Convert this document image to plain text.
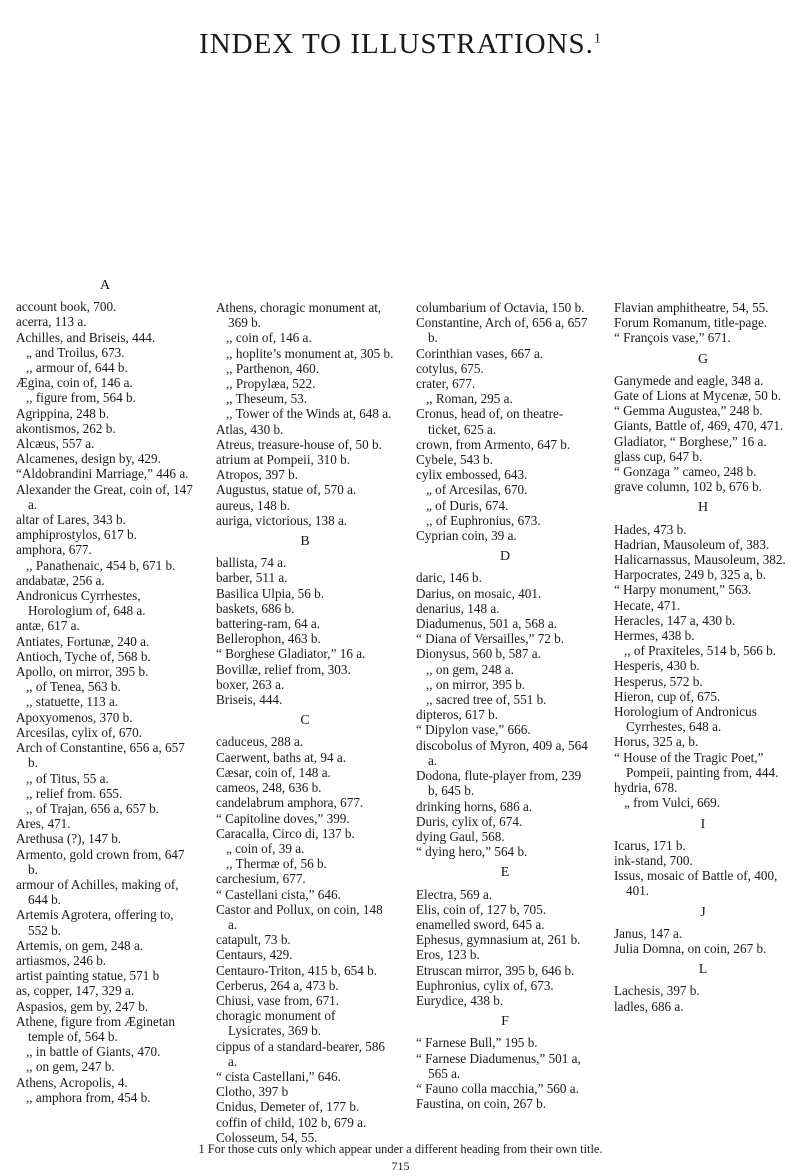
INDEX TO ILLUSTRATIONS.$^1$
A
account book, 700.
acerra, 113 a.
Achilles, and Briseis, 444.
„ and Troilus, 673.
,, armour of, 644 b.
Ægina, coin of, 146 a.
,, figure from, 564 b.
Agrippina, 248 b.
akontismos, 262 b.
Alcæus, 557 a.
Alcamenes, design by, 429.
“Aldobrandini Marriage,” 446 a.
Alexander the Great, coin of, 147 a.
altar of Lares, 343 b.
amphiprostylos, 617 b.
amphora, 677.
,, Panathenaic, 454 b, 671 b.
andabatæ, 256 a.
Andronicus Cyrrhestes, Horologium of, 648 a.
antæ, 617 a.
Antiates, Fortunæ, 240 a.
Antioch, Tyche of, 568 b.
Apollo, on mirror, 395 b.
,, of Tenea, 563 b.
,, statuette, 113 a.
Apoxyomenos, 370 b.
Arcesilas, cylix of, 670.
Arch of Constantine, 656 a, 657 b.
,, of Titus, 55 a.
,, relief from. 655.
,, of Trajan, 656 a, 657 b.
Ares, 471.
Arethusa (?), 147 b.
Armento, gold crown from, 647 b.
armour of Achilles, making of, 644 b.
Artemis Agrotera, offering to, 552 b.
Artemis, on gem, 248 a.
artiasmos, 246 b.
artist painting statue, 571 b
as, copper, 147, 329 a.
Aspasios, gem by, 247 b.
Athene, figure from Æginetan temple of, 564 b.
,, in battle of Giants, 470.
,, on gem, 247 b.
Athens, Acropolis, 4.
,, amphora from, 454 b.
Athens, choragic monument at, 369 b.
,, coin of, 146 a.
,, hoplite’s monument at, 305 b.
,, Parthenon, 460.
,, Propylæa, 522.
,, Theseum, 53.
,, Tower of the Winds at, 648 a.
Atlas, 430 b.
Atreus, treasure-house of, 50 b.
atrium at Pompeii, 310 b.
Atropos, 397 b.
Augustus, statue of, 570 a.
aureus, 148 b.
auriga, victorious, 138 a.
B
ballista, 74 a.
barber, 511 a.
Basilica Ulpia, 56 b.
baskets, 686 b.
battering-ram, 64 a.
Bellerophon, 463 b.
“ Borghese Gladiator,” 16 a.
Bovillæ, relief from, 303.
boxer, 263 a.
Briseis, 444.
C
caduceus, 288 a.
Caerwent, baths at, 94 a.
Cæsar, coin of, 148 a.
cameos, 248, 636 b.
candelabrum amphora, 677.
“ Capitoline doves,” 399.
Caracalla, Circo di, 137 b.
„ coin of, 39 a.
,, Thermæ of, 56 b.
carchesium, 677.
“ Castellani cista,” 646.
Castor and Pollux, on coin, 148 a.
catapult, 73 b.
Centaurs, 429.
Centauro-Triton, 415 b, 654 b.
Cerberus, 264 a, 473 b.
Chiusi, vase from, 671.
choragic monument of Lysicrates, 369 b.
cippus of a standard-bearer, 586 a.
“ cista Castellani,” 646.
Clotho, 397 b
Cnidus, Demeter of, 177 b.
coffin of child, 102 b, 679 a.
Colosseum, 54, 55.
columbarium of Octavia, 150 b.
Constantine, Arch of, 656 a, 657 b.
Corinthian vases, 667 a.
cotylus, 675.
crater, 677.
,, Roman, 295 a.
Cronus, head of, on theatre-ticket, 625 a.
crown, from Armento, 647 b.
Cybele, 543 b.
cylix embossed, 643.
„ of Arcesilas, 670.
„ of Duris, 674.
,, of Euphronius, 673.
Cyprian coin, 39 a.
D
daric, 146 b.
Darius, on mosaic, 401.
denarius, 148 a.
Diadumenus, 501 a, 568 a.
“ Diana of Versailles,” 72 b.
Dionysus, 560 b, 587 a.
,, on gem, 248 a.
,, on mirror, 395 b.
,, sacred tree of, 551 b.
dipteros, 617 b.
“ Dipylon vase,” 666.
discobolus of Myron, 409 a, 564 a.
Dodona, flute-player from, 239 b, 645 b.
drinking horns, 686 a.
Duris, cylix of, 674.
dying Gaul, 568.
“ dying hero,” 564 b.
E
Electra, 569 a.
Elis, coin of, 127 b, 705.
enamelled sword, 645 a.
Ephesus, gymnasium at, 261 b.
Eros, 123 b.
Etruscan mirror, 395 b, 646 b.
Euphronius, cylix of, 673.
Eurydice, 438 b.
F
“ Farnese Bull,” 195 b.
“ Farnese Diadumenus,” 501 a, 565 a.
“ Fauno colla macchia,” 560 a.
Faustina, on coin, 267 b.
Flavian amphitheatre, 54, 55.
Forum Romanum, title-page.
“ François vase,” 671.
G
Ganymede and eagle, 348 a.
Gate of Lions at Mycenæ, 50 b.
“ Gemma Augustea,” 248 b.
Giants, Battle of, 469, 470, 471.
Gladiator, “ Borghese,” 16 a.
glass cup, 647 b.
“ Gonzaga ” cameo, 248 b.
grave column, 102 b, 676 b.
H
Hades, 473 b.
Hadrian, Mausoleum of, 383.
Halicarnassus, Mausoleum, 382.
Harpocrates, 249 b, 325 a, b.
“ Harpy monument,” 563.
Hecate, 471.
Heracles, 147 a, 430 b.
Hermes, 438 b.
,, of Praxiteles, 514 b, 566 b.
Hesperis, 430 b.
Hesperus, 572 b.
Hieron, cup of, 675.
Horologium of Andronicus Cyrrhestes, 648 a.
Horus, 325 a, b.
“ House of the Tragic Poet,” Pompeii, painting from, 444.
hydria, 678.
„ from Vulci, 669.
I
Icarus, 171 b.
ink-stand, 700.
Issus, mosaic of Battle of, 400, 401.
J
Janus, 147 a.
Julia Domna, on coin, 267 b.
L
Lachesis, 397 b.
ladles, 686 a.
1 For those cuts only which appear under a different heading from their own title.
715
